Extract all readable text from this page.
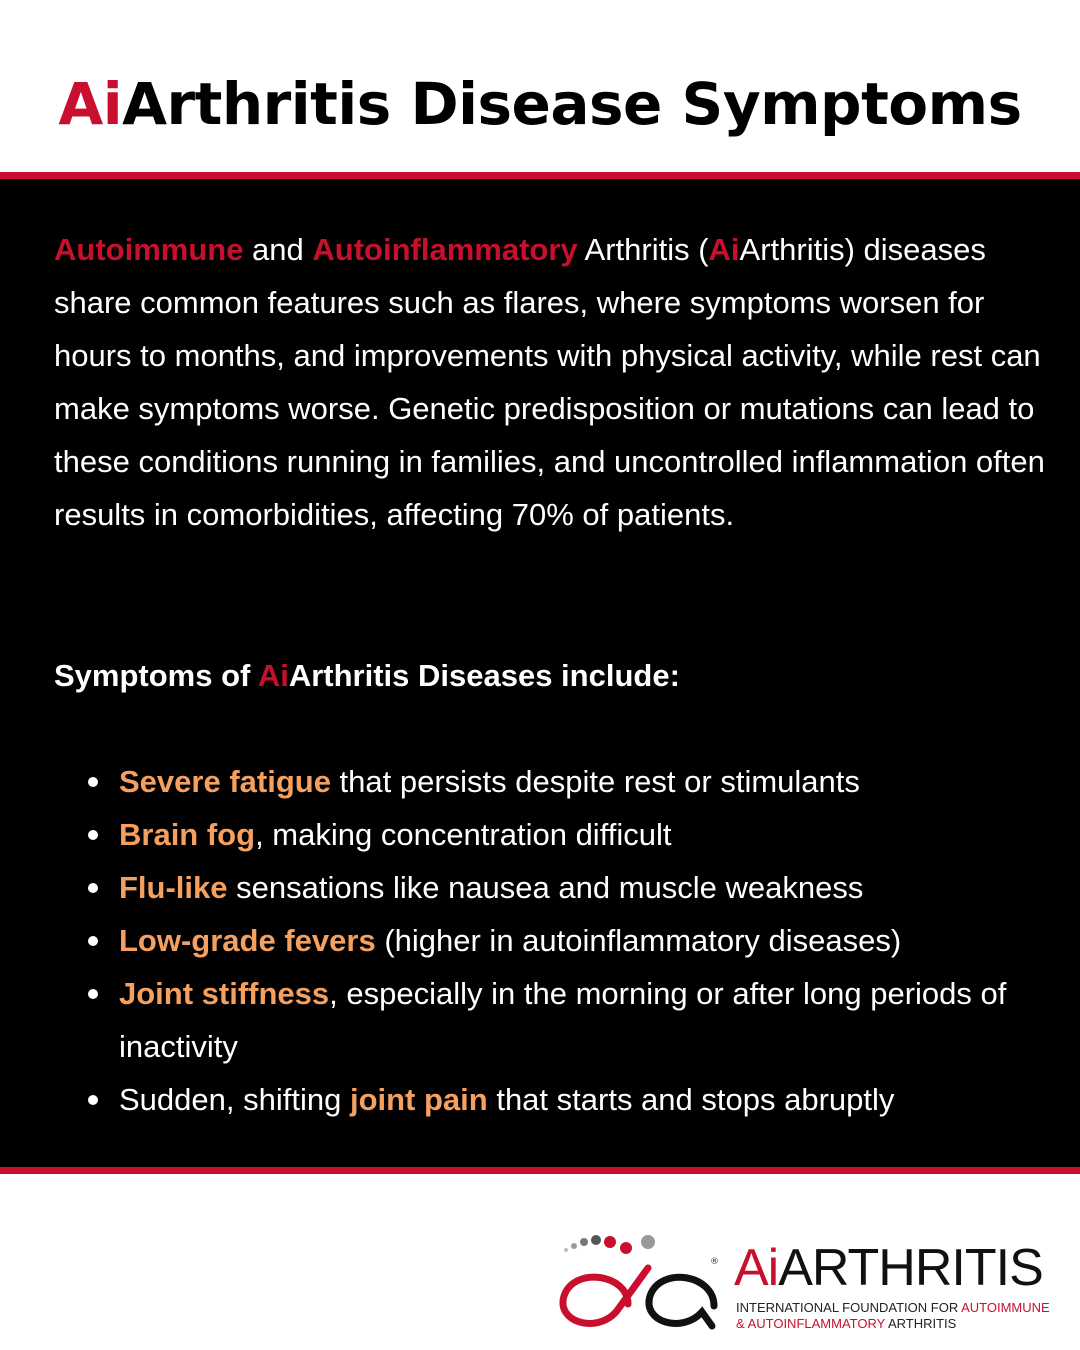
AiArthritis Disease Symptoms

Autoimmune and Autoinflammatory Arthritis (AiArthritis) diseases share common features such as flares, where symptoms worsen for hours to months, and improvements with physical activity, while rest can make symptoms worse. Genetic predisposition or mutations can lead to these conditions running in families, and uncontrolled inflammation often results in comorbidities, affecting 70% of patients.

Symptoms of AiArthritis Diseases include:

Severe fatigue that persists despite rest or stimulants
Brain fog, making concentration difficult
Flu-like sensations like nausea and muscle weakness
Low-grade fevers (higher in autoinflammatory diseases)
Joint stiffness, especially in the morning or after long periods of inactivity
Sudden, shifting joint pain that starts and stops abruptly
® AiARTHRITIS

INTERNATIONAL FOUNDATION FOR AUTOIMMUNE

& AUTOINFLAMMATORY ARTHRITIS
